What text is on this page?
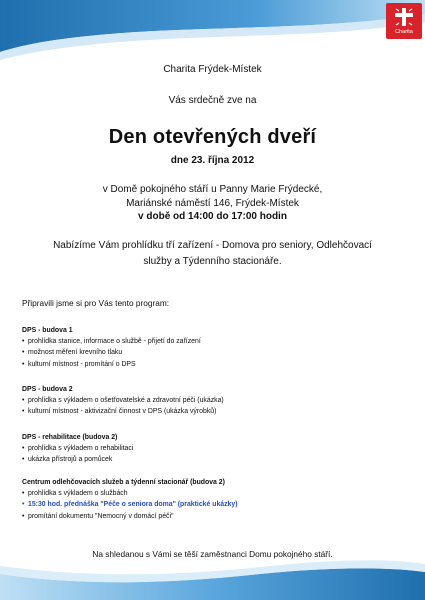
Charita
Charita Frýdek-Místek
Vás srdečně zve na
Den otevřených dveří
dne 23. října 2012
v Domě pokojného stáří u Panny Marie Frýdecké,
Mariánské náměstí 146, Frýdek-Místek
v době od 14:00 do 17:00 hodin
Nabízíme Vám prohlídku tří zařízení - Domova pro seniory, Odlehčovací
služby a Týdenního stacionáře.
Připravili jsme si pro Vás tento program:
DPS - budova 1
• prohlídka stanice, informace o službě - přijetí do zařízení
• možnost měření krevního tlaku
• kulturní místnost - promítání o DPS
DPS - budova 2
• prohlídka s výkladem o ošetřovatelské a zdravotní péči (ukázka)
• kulturní místnost - aktivizační činnost v DPS (ukázka výrobků)
DPS - rehabilitace (budova 2)
• prohlídka s výkladem o rehabilitaci
• ukázka přístrojů a pomůcek
Centrum odlehčovacích služeb a týdenní stacionář (budova 2)
• prohlídka s výkladem o službách
• 15:30 hod. přednáška "Péče o seniora doma" (praktické ukázky)
• promítání dokumentu "Nemocný v domácí péči"
Na shledanou s Vámi se těší zaměstnanci Domu pokojného stáří.
